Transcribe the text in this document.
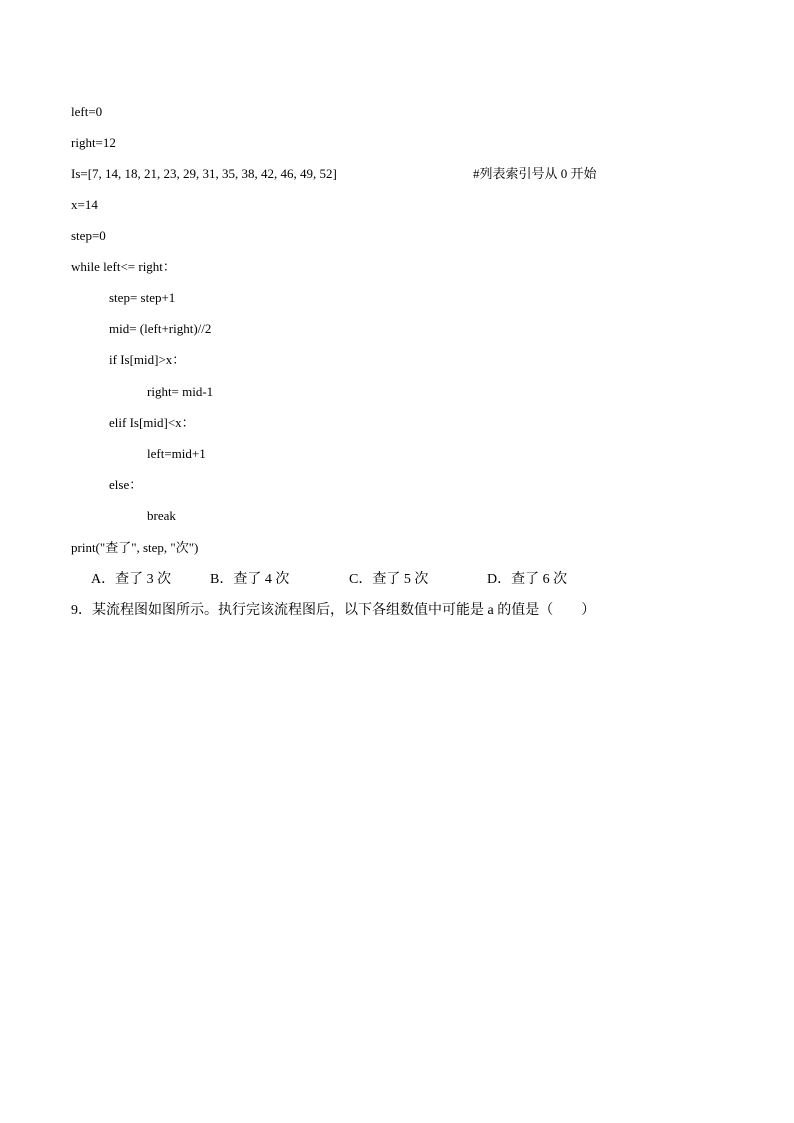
left=0
right=12
Is=[7, 14, 18, 21, 23, 29, 31, 35, 38, 42, 46, 49, 52]	#列表索引号从 0 开始
x=14
step=0
while left<= right：
step= step+1
mid= (left+right)//2
if Is[mid]>x：
right= mid-1
elif Is[mid]<x：
left=mid+1
else：
break
print("查了", step, "次")
A．查了 3 次	B．查了 4 次	C．查了 5 次	D．查了 6 次
9．某流程图如图所示。执行完该流程图后，以下各组数值中可能是 a 的值是（　　）
